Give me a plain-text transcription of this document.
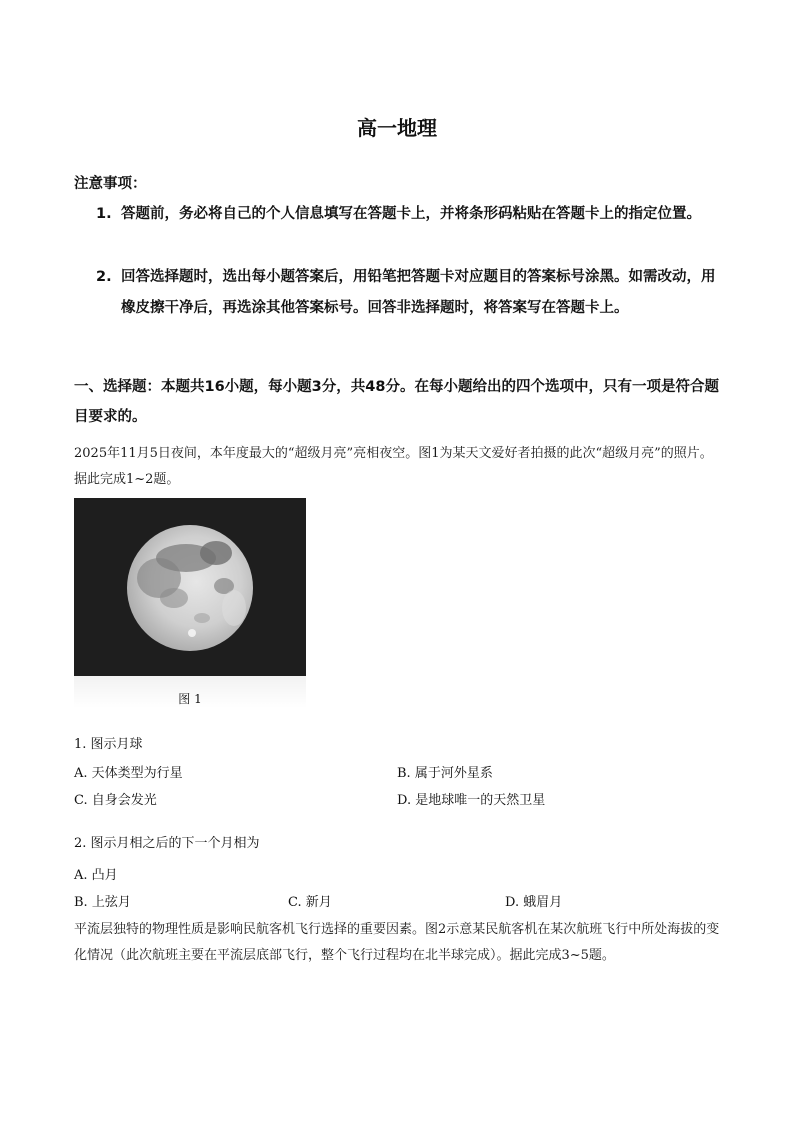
高一地理
注意事项：
1. 答题前，务必将自己的个人信息填写在答题卡上，并将条形码粘贴在答题卡上的指定位置。
2. 回答选择题时，选出每小题答案后，用铅笔把答题卡对应题目的答案标号涂黑。如需改动，用橡皮擦干净后，再选涂其他答案标号。回答非选择题时，将答案写在答题卡上。
一、选择题：本题共16小题，每小题3分，共48分。在每小题给出的四个选项中，只有一项是符合题目要求的。
2025年11月5日夜间，本年度最大的“超级月亮”亮相夜空。图1为某天文爱好者拍摄的此次“超级月亮”的照片。据此完成1~2题。
图 1
1. 图示月球
A. 天体类型为行星	B. 属于河外星系
C. 自身会发光	D. 是地球唯一的天然卫星
2. 图示月相之后的下一个月相为
A. 凸月
B. 上弦月	C. 新月	D. 蛾眉月
平流层独特的物理性质是影响民航客机飞行选择的重要因素。图2示意某民航客机在某次航班飞行中所处海拔的变化情况（此次航班主要在平流层底部飞行，整个飞行过程均在北半球完成）。据此完成3~5题。
